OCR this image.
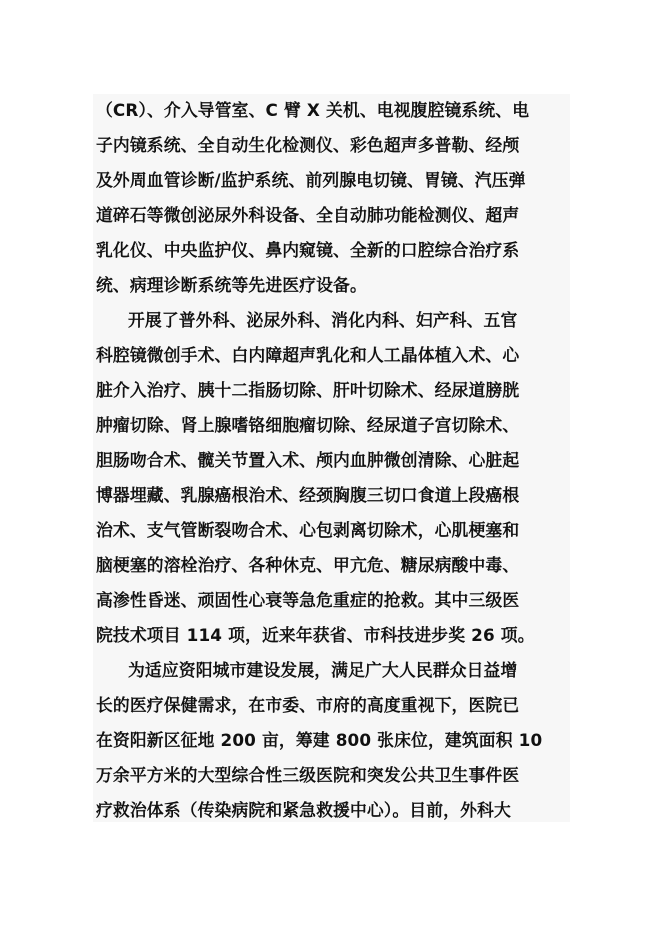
（CR）、介入导管室、C 臂 X 关机、电视腹腔镜系统、电
子内镜系统、全自动生化检测仪、彩色超声多普勒、经颅
及外周血管诊断/监护系统、前列腺电切镜、胃镜、汽压弹
道碎石等微创泌尿外科设备、全自动肺功能检测仪、超声
乳化仪、中央监护仪、鼻内窥镜、全新的口腔综合治疗系
统、病理诊断系统等先进医疗设备。
开展了普外科、泌尿外科、消化内科、妇产科、五官
科腔镜微创手术、白内障超声乳化和人工晶体植入术、心
脏介入治疗、胰十二指肠切除、肝叶切除术、经尿道膀胱
肿瘤切除、肾上腺嗜铬细胞瘤切除、经尿道子宫切除术、
胆肠吻合术、髋关节置入术、颅内血肿微创清除、心脏起
博器埋藏、乳腺癌根治术、经颈胸腹三切口食道上段癌根
治术、支气管断裂吻合术、心包剥离切除术，心肌梗塞和
脑梗塞的溶栓治疗、各种休克、甲亢危、糖尿病酸中毒、
高渗性昏迷、顽固性心衰等急危重症的抢救。其中三级医
院技术项目 114 项，近来年获省、市科技进步奖 26 项。
为适应资阳城市建设发展，满足广大人民群众日益增
长的医疗保健需求，在市委、市府的高度重视下，医院已
在资阳新区征地 200 亩，筹建 800 张床位，建筑面积 10
万余平方米的大型综合性三级医院和突发公共卫生事件医
疗救治体系（传染病院和紧急救援中心）。目前，外科大
